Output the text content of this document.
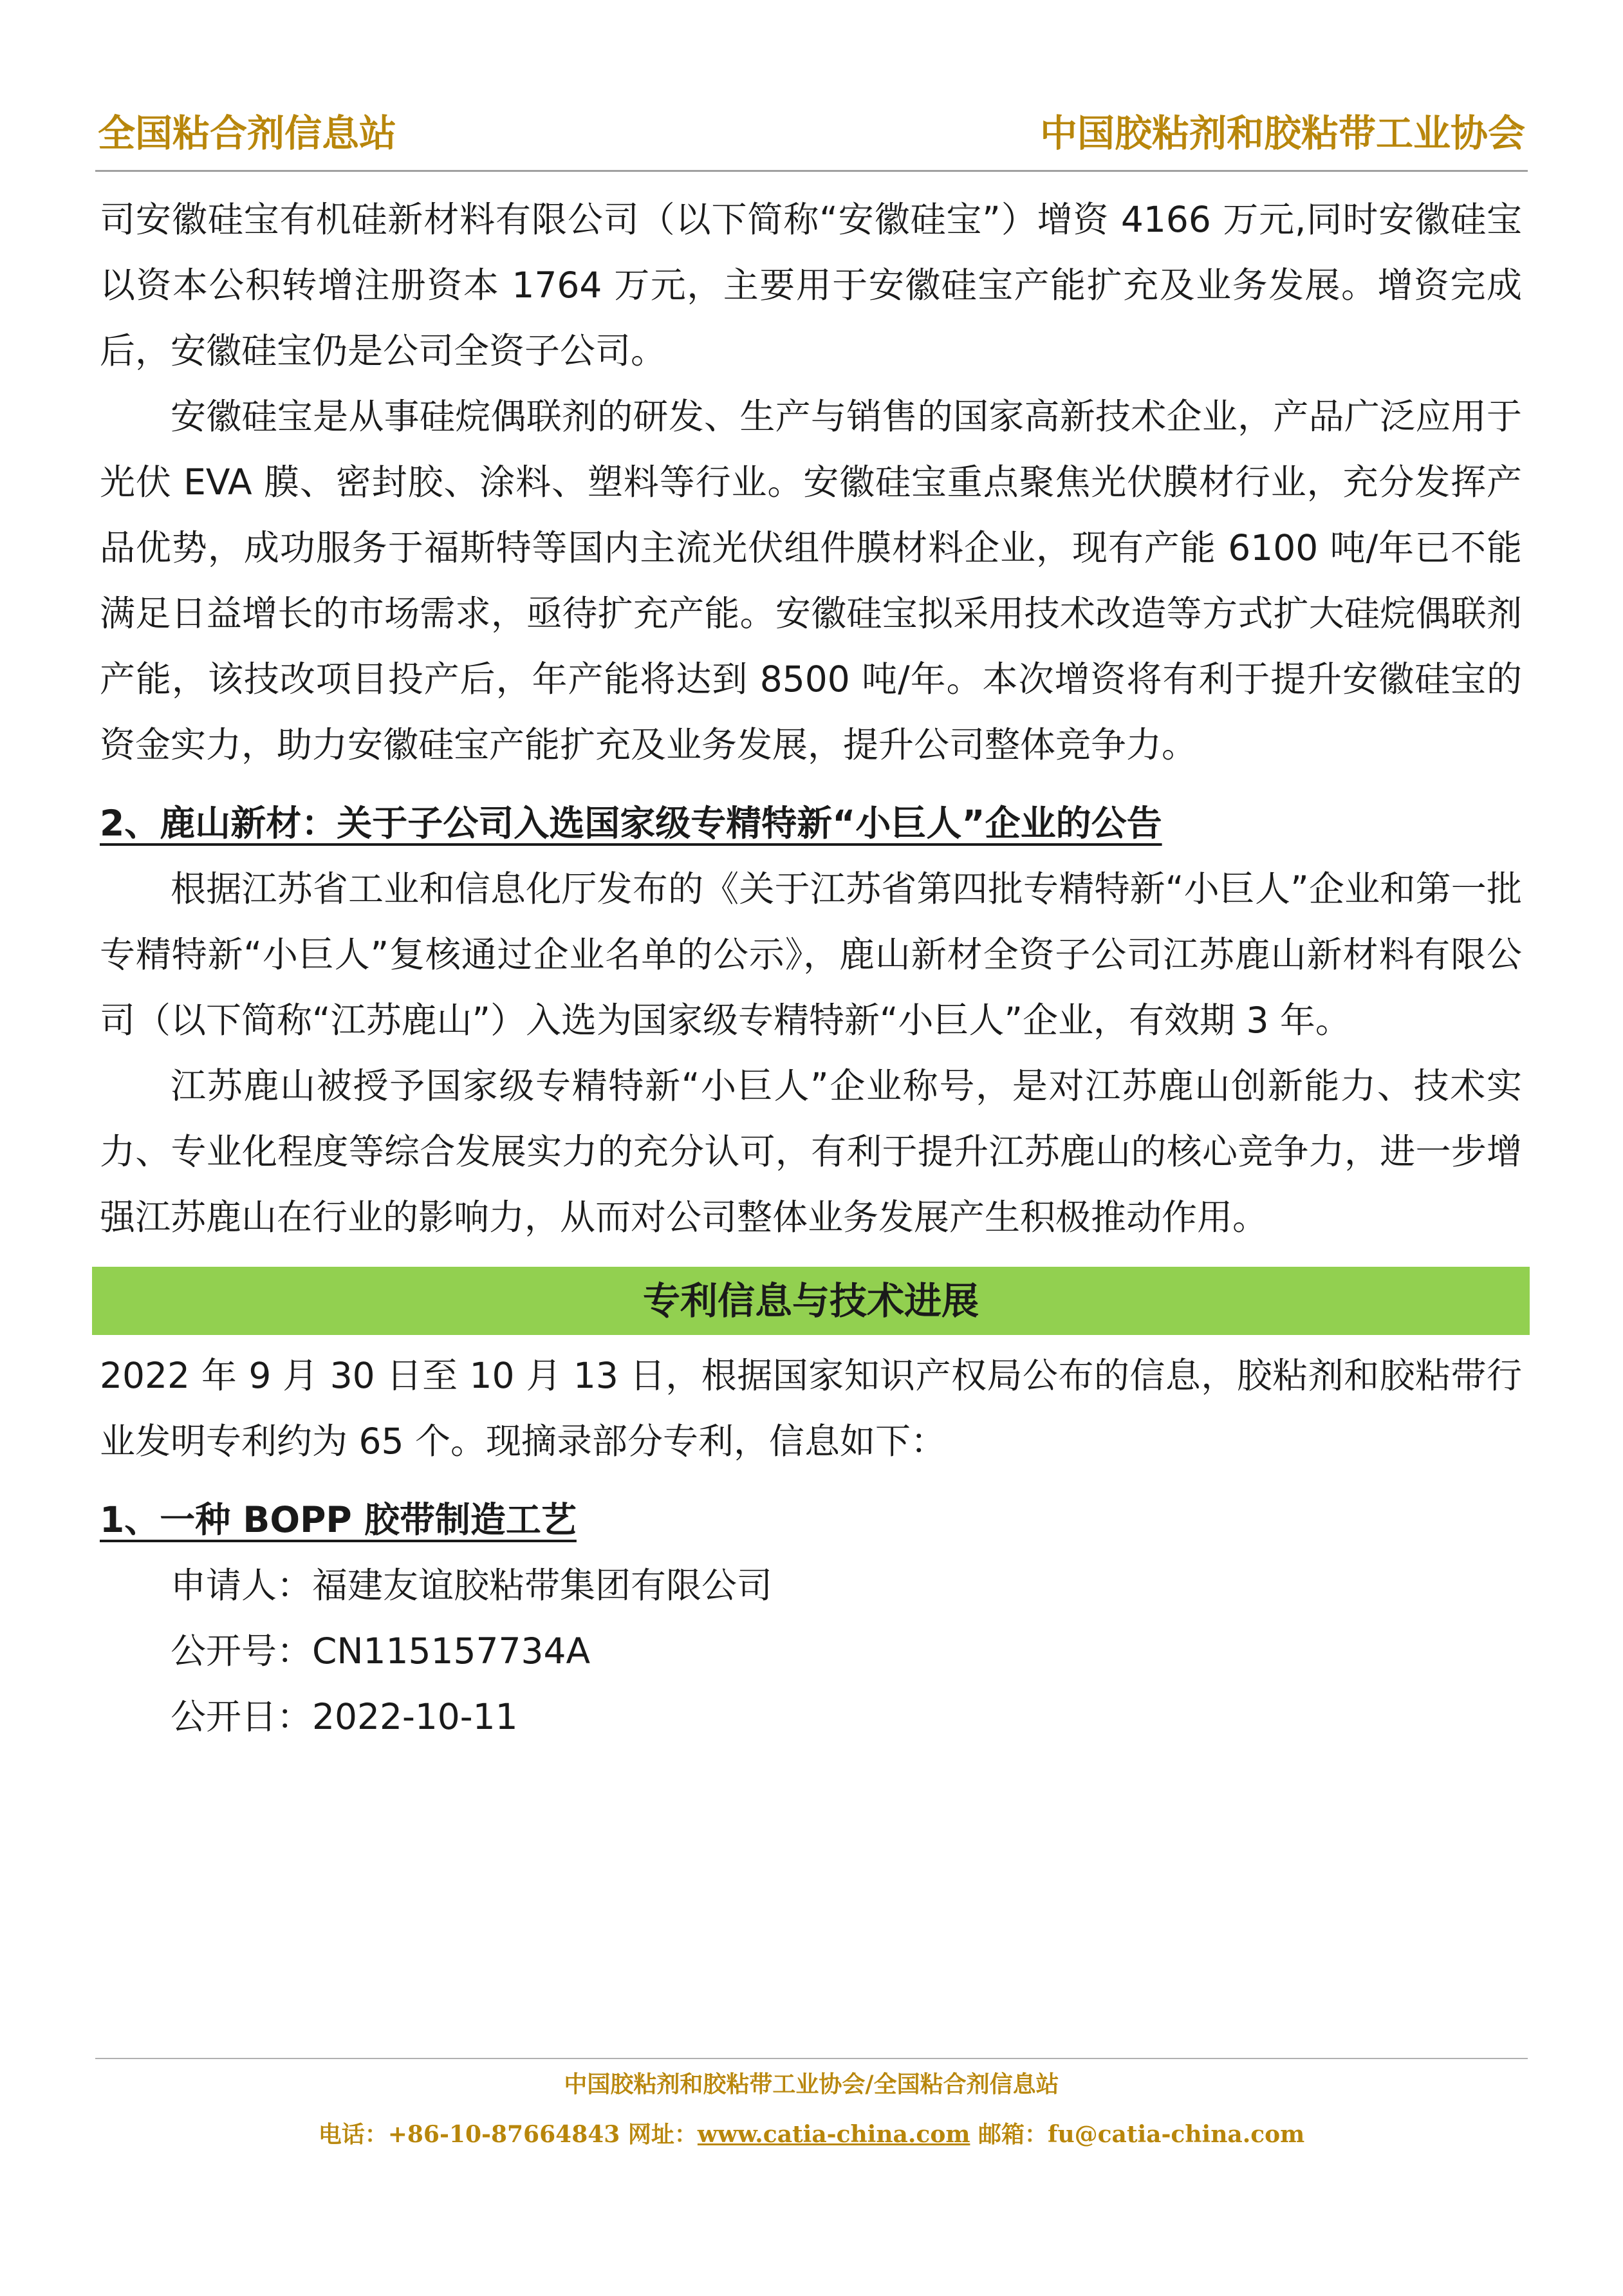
全国粘合剂信息站	中国胶粘剂和胶粘带工业协会

司安徽硅宝有机硅新材料有限公司（以下简称“安徽硅宝”）增资 4166 万元,同时安徽硅宝以资本公积转增注册资本 1764 万元，主要用于安徽硅宝产能扩充及业务发展。增资完成后，安徽硅宝仍是公司全资子公司。

安徽硅宝是从事硅烷偶联剂的研发、生产与销售的国家高新技术企业，产品广泛应用于光伏 EVA 膜、密封胶、涂料、塑料等行业。安徽硅宝重点聚焦光伏膜材行业，充分发挥产品优势，成功服务于福斯特等国内主流光伏组件膜材料企业，现有产能 6100 吨/年已不能满足日益增长的市场需求，亟待扩充产能。安徽硅宝拟采用技术改造等方式扩大硅烷偶联剂产能，该技改项目投产后，年产能将达到 8500 吨/年。本次增资将有利于提升安徽硅宝的资金实力，助力安徽硅宝产能扩充及业务发展，提升公司整体竞争力。

2、鹿山新材：关于子公司入选国家级专精特新“小巨人”企业的公告

根据江苏省工业和信息化厅发布的《关于江苏省第四批专精特新“小巨人”企业和第一批专精特新“小巨人”复核通过企业名单的公示》，鹿山新材全资子公司江苏鹿山新材料有限公司（以下简称“江苏鹿山”）入选为国家级专精特新“小巨人”企业，有效期 3 年。

江苏鹿山被授予国家级专精特新“小巨人”企业称号，是对江苏鹿山创新能力、技术实力、专业化程度等综合发展实力的充分认可，有利于提升江苏鹿山的核心竞争力，进一步增强江苏鹿山在行业的影响力，从而对公司整体业务发展产生积极推动作用。

专利信息与技术进展

2022 年 9 月 30 日至 10 月 13 日，根据国家知识产权局公布的信息，胶粘剂和胶粘带行业发明专利约为 65 个。现摘录部分专利，信息如下：

1、一种 BOPP 胶带制造工艺

申请人：福建友谊胶粘带集团有限公司

公开号：CN115157734A

公开日：2022-10-11

中国胶粘剂和胶粘带工业协会/全国粘合剂信息站
电话：+86-10-87664843 网址：www.catia-china.com 邮箱：fu@catia-china.com
